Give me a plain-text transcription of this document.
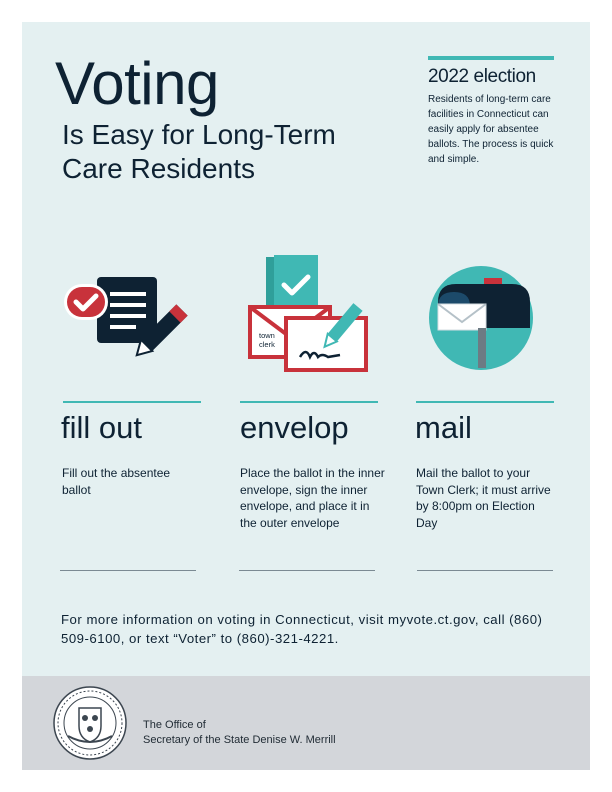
Voting
Is Easy for Long-Term Care Residents
2022 election
Residents of long-term care facilities in Connecticut can easily apply for absentee ballots. The process is quick and simple.
town clerk
fill out
Fill out the absentee ballot
envelop
Place the ballot in the inner envelope, sign the inner envelope, and place it in the outer envelope
mail
Mail the ballot to your Town Clerk; it must arrive by 8:00pm on Election Day
For more information on voting in Connecticut, visit myvote.ct.gov, call (860) 509-6100, or text “Voter” to (860)-321-4221.
The Office of
Secretary of the State Denise W. Merrill
